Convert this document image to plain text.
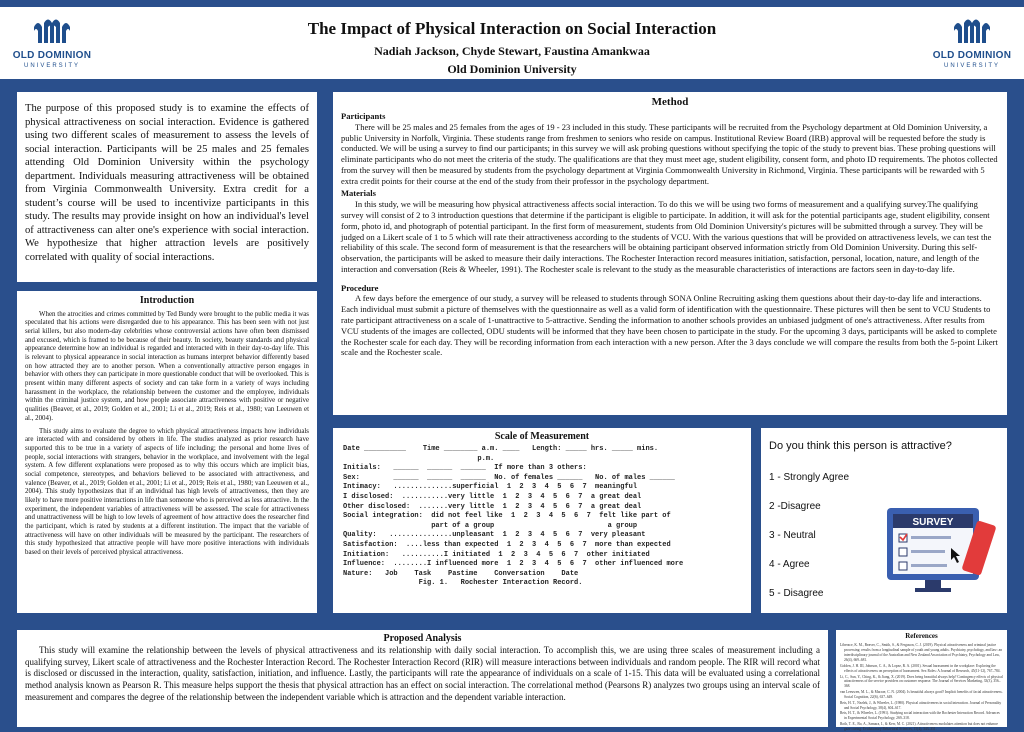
OLD DOMINION
UNIVERSITY
The Impact of Physical Interaction on Social Interaction
Nadiah Jackson, Chyde Stewart, Faustina Amankwaa
Old Dominion University
OLD DOMINION
UNIVERSITY
The purpose of this proposed study is to examine the effects of physical attractiveness on social interaction. Evidence is gathered using two different scales of measurement to assess the levels of social interaction. Participants will be 25 males and 25 females attending Old Dominion University within the psychology department. Individuals measuring attractiveness will be obtained from Virginia Commonwealth University. Extra credit for a student’s course will be used to incentivize participants in this study. The results may provide insight on how an individual's level of attractiveness can alter one's experience with social interaction. We hypothesize that higher attraction levels are positively correlated with quality of social interactions.
Introduction

When the atrocities and crimes committed by Ted Bundy were brought to the public media it was speculated that his actions were disregarded due to his appearance. This has been seen with not just serial killers, but also modern-day celebrities whose controversial actions have often been dismissed and excused, which is framed to be because of their beauty. In society, beauty standards and physical appearance determine how an individual is regarded and interacted with in their day-to-day life. This is relevant to physical appearance in social interaction as humans interpret behavior differently based on how attracted they are to another person. When a conventionally attractive person engages in behavior with others they can participate in more questionable conduct that will be overlooked. This is present within many different aspects of society and can take form in a variety of ways including harassment in the workplace, the relationship between the customer and the employee, individuals within the criminal justice system, and how people associate attractiveness with positive or negative qualities (Beaver, et al., 2019; Golden et al., 2001; Li et al., 2019; Reis et al., 1980; van Leeuwen et al., 2004).

This study aims to evaluate the degree to which physical attractiveness impacts how individuals are interacted with and considered by others in life. The studies analyzed as prior research have supported this to be true in a variety of aspects of life including; the personal and home lives of people, social interactions with strangers, behavior in the workplace, and involvement with the legal system. A few different explanations were proposed as to why this occurs which are implicit bias, social competence, stereotypes, and behaviors believed to be associated with attractiveness, and valence (Beaver, et al., 2019; Golden et al., 2001; Li et al., 2019; Reis et al., 1980; van Leeuwen et al., 2004). This study hypothesizes that if an individual has high levels of attractiveness, then they are likely to have more positive interactions in life than someone who is perceived as less attractive. In the experiment, the independent variables of attractiveness will be assessed. The scale for attractiveness and unattractiveness will be high to low levels of agreement of how attractive does the researcher find the participant, which is rated by students at a different institution. The impact that the variable of attractiveness will have on other individuals will be measured by the participant. The researchers of this study hypothesized that attractive people will have more positive interactions with individuals based on their levels of perceived physical attractiveness.

Method
Participants

There will be 25 males and 25 females from the ages of 19 - 23 included in this study. These participants will be recruited from the Psychology department at Old Dominion University, a public University in Norfolk, Virginia. These students range from freshmen to seniors who reside on campus. Institutional Review Board (IRB) approval will be requested before the study is conducted. We will be using a survey to find our participants; in this survey we will ask probing questions without specifying the topic of the study to prevent bias. These probing questions will eliminate participants who do not meet the criteria of the study. The qualifications are that they must meet age, student eligibility, consent form, and photo ID requirements. The photos collected from the survey will then be measured by students from the psychology department at Virginia Commonwealth University in Richmond, Virginia. These participants will be rewarded with 5 extra credit points for their course at the end of the study from their professor in the psychology department.

Materials

In this study, we will be measuring how physical attractiveness affects social interaction. To do this we will be using two forms of measurement and a qualifying survey.The qualifying survey will consist of 2 to 3 introduction questions that determine if the participant is eligible to participate. In addition, it will ask for the potential participants age, student eligibility, consent form, photo id, and photograph of potential participant. In the first form of measurement, students from Old Dominion University's pictures will be submitted through a survey. They will be judged on a Likert scale of 1 to 5 which will rate their attractiveness according to the students of VCU. With the various questions that will be provided on attractiveness levels, we can test the reliability of this scale. The second form of measurement is that the researchers will be obtaining participant observed information strictly from Old Dominion University. During this self-observation, the participants will be asked to measure their daily interactions. The Rochester Interaction record measures initiation, satisfaction, personal, location, nature, and length of the interaction and conversation (Reis & Wheeler, 1991). The Rochester scale is relevant to the study as the measurable characteristics of interactions are factors seen in day-to-day life.

Procedure

A few days before the emergence of our study, a survey will be released to students through SONA Online Recruiting asking them questions about their day-to-day life and interactions. Each individual must submit a picture of themselves with the questionnaire as well as a valid form of identification with the questionnaire. These pictures will then be sent to VCU Students to rate participant attractiveness on a scale of 1-unattractive to 5-attractive. Sending the information to another schools provides an unbiased judgment of one's attractiveness. After results from VCU students of the images are collected, ODU students will be informed that they have been chosen to participate in the study. For the upcoming 3 days, participants will be asked to complete the Rochester scale for each day. They will be recording information from each interaction with a new person. After the 3 days conclude we will compare the results from both the 5-point Likert scale and the Rochester scale.

Scale of Measurement
Date __________    Time ________ a.m. ____   Length: _____ hrs. _____ mins.
p.m.
Initials:   ______  ______  ______  If more than 3 others:
Sex:        ______  ______  ______  No. of females ______   No. of males ______
Intimacy:   ..............superficial  1  2  3  4  5  6  7  meaningful
I disclosed:  ...........very little  1  2  3  4  5  6  7  a great deal
Other disclosed:  .......very little  1  2  3  4  5  6  7  a great deal
Social integration:  did not feel like  1  2  3  4  5  6  7  felt like part of
part of a group                           a group
Quality:   ...............unpleasant  1  2  3  4  5  6  7  very pleasant
Satisfaction:  ....less than expected  1  2  3  4  5  6  7  more than expected
Initiation:   ..........I initiated  1  2  3  4  5  6  7  other initiated
Influence:  ........I influenced more  1  2  3  4  5  6  7  other influenced more
Nature:   Job    Task    Pastime    Conversation    Date
Fig. 1.   Rochester Interaction Record.
Do you think this person is attractive?
1 - Strongly Agree
2 -Disagree
3 - Neutral
4 - Agree
5 - Disagree
SURVEY
Proposed Analysis

This study will examine the relationship between the levels of physical attractiveness and its relationship with daily social interaction. To accomplish this, we are using three scales of measurement including a qualifying survey, Likert scale of attractiveness and the Rochester Interaction Record. The Rochester Interaction Record (RIR) will measure interactions between individuals and random people. The RIR will record what is disclosed or discussed in the interaction, quality, satisfaction, initiation, and influence. Lastly, the participants will rate the appearance of individuals on a scale of 1-15. This data will be evaluated using a correlational method analysis known as Pearson R. This measure helps support the thesis that physical attraction has an effect on social interaction. The correlational method (Pearsons R) analyzes two groups using an interval scale of measurement and compares the degree of the relationship between the independent variable which is attraction and the dependent variable interaction.

References

Liberace, K. M., Beaver, C., Smith, S., & Ferguson, C. J. (2019). Physical attractiveness and criminal justice processing: results from a longitudinal sample of youth and young adults. Psychiatry, psychology, and law: an interdisciplinary journal of the Australian and New Zealand Association of Psychiatry, Psychology and Law, 26(4), 669–681.

Golden, J. H. III, Johnson, C. A., & Lopez, R. A. (2001). Sexual harassment in the workplace: Exploring the effects of attractiveness on perception of harassment. Sex Roles: A Journal of Research, 45(11-12), 767–784.

Li, C., Sun, Y., Ching, K., & Jiang, X. (2019). Does being beautiful always help? Contingency effects of physical attractiveness of the service providers on customer response. The Journal of Services Marketing, 33(3), 356–368.

van Leeuwen, M. L., & Macrae, C. N. (2004). Is beautiful always good? Implicit benefits of facial attractiveness. Social Cognition, 22(6), 637–649.

Reis, H. T., Nezlek, J., & Wheeler, L. (1980). Physical attractiveness in social interaction. Journal of Personality and Social Psychology, 38(4), 604–617.

Reis, H. T., & Wheeler, L. (1991). Studying social interaction with the Rochester Interaction Record. Advances in Experimental Social Psychology, 269–318.

Roth, T. E., Bo, A., Samara, I., & Kerr, M. C. (2021). Attractiveness modulates attention but does not enhance gaze cueing. Evolutionary Behavioral Sciences, 15(4), 343–351.
